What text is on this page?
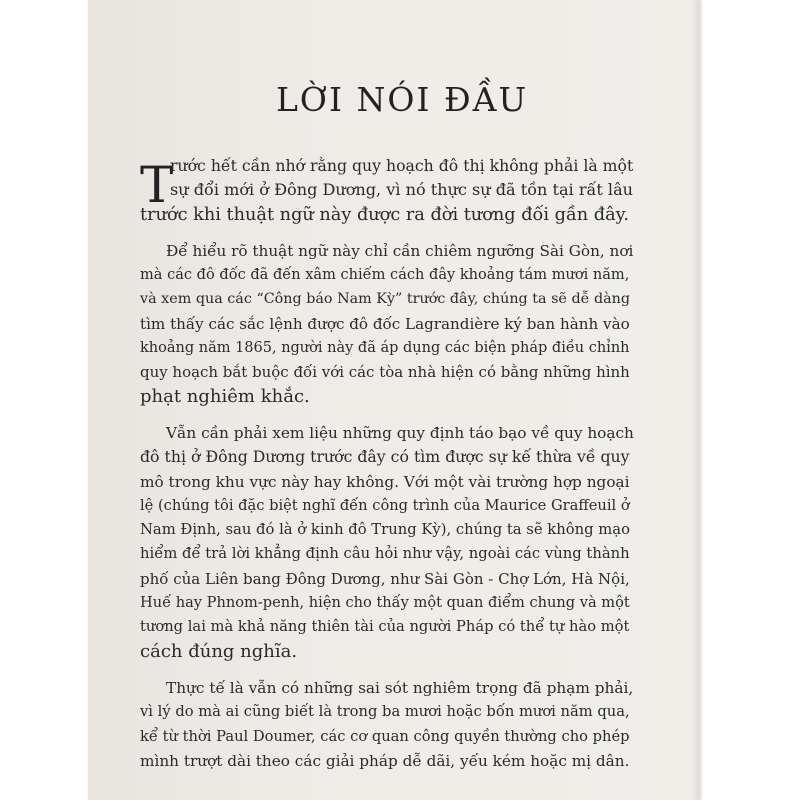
LỜI NÓI ĐẦU
T
rước hết cần nhớ rằng quy hoạch đô thị không phải là một
sự đổi mới ở Đông Dương, vì nó thực sự đã tồn tại rất lâu
trước khi thuật ngữ này được ra đời tương đối gần đây.
Để hiểu rõ thuật ngữ này chỉ cần chiêm ngưỡng Sài Gòn, nơi
mà các đô đốc đã đến xâm chiếm cách đây khoảng tám mươi năm,
và xem qua các “Công báo Nam Kỳ” trước đây, chúng ta sẽ dễ dàng
tìm thấy các sắc lệnh được đô đốc Lagrandière ký ban hành vào
khoảng năm 1865, người này đã áp dụng các biện pháp điều chỉnh
quy hoạch bắt buộc đối với các tòa nhà hiện có bằng những hình
phạt nghiêm khắc.
Vẫn cần phải xem liệu những quy định táo bạo về quy hoạch
đô thị ở Đông Dương trước đây có tìm được sự kế thừa về quy
mô trong khu vực này hay không. Với một vài trường hợp ngoại
lệ (chúng tôi đặc biệt nghĩ đến công trình của Maurice Graffeuil ở
Nam Định, sau đó là ở kinh đô Trung Kỳ), chúng ta sẽ không mạo
hiểm để trả lời khẳng định câu hỏi như vậy, ngoài các vùng thành
phố của Liên bang Đông Dương, như Sài Gòn - Chợ Lớn, Hà Nội,
Huế hay Phnom-penh, hiện cho thấy một quan điểm chung và một
tương lai mà khả năng thiên tài của người Pháp có thể tự hào một
cách đúng nghĩa.
Thực tế là vẫn có những sai sót nghiêm trọng đã phạm phải,
vì lý do mà ai cũng biết là trong ba mươi hoặc bốn mươi năm qua,
kể từ thời Paul Doumer, các cơ quan công quyền thường cho phép
mình trượt dài theo các giải pháp dễ dãi, yếu kém hoặc mị dân.
